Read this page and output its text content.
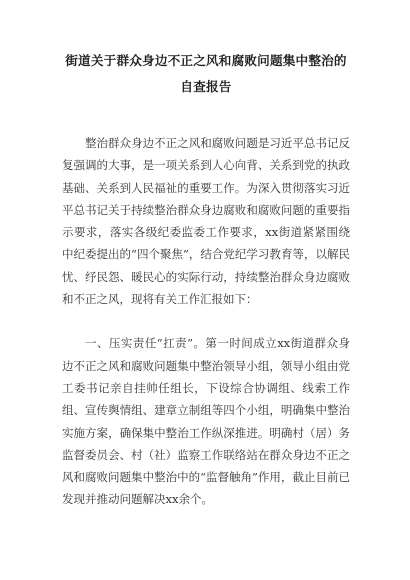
街道关于群众身边不正之风和腐败问题集中整治的自查报告

整治群众身边不正之风和腐败问题是习近平总书记反复强调的大事，是一项关系到人心向背、关系到党的执政基础、关系到人民福祉的重要工作。为深入贯彻落实习近平总书记关于持续整治群众身边腐败和腐败问题的重要指示要求，落实各级纪委监委工作要求，xx街道紧紧围绕中纪委提出的“四个聚焦”，结合党纪学习教育等，以解民忧、纾民怨、暖民心的实际行动，持续整治群众身边腐败和不正之风，现将有关工作汇报如下：

一、压实责任“扛责”。第一时间成立xx街道群众身边不正之风和腐败问题集中整治领导小组，领导小组由党工委书记亲自挂帅任组长，下设综合协调组、线索工作组、宣传舆情组、建章立制组等四个小组，明确集中整治实施方案，确保集中整治工作纵深推进。明确村（居）务监督委员会、村（社）监察工作联络站在群众身边不正之风和腐败问题集中整治中的“监督触角”作用，截止目前已发现并推动问题解决xx余个。
